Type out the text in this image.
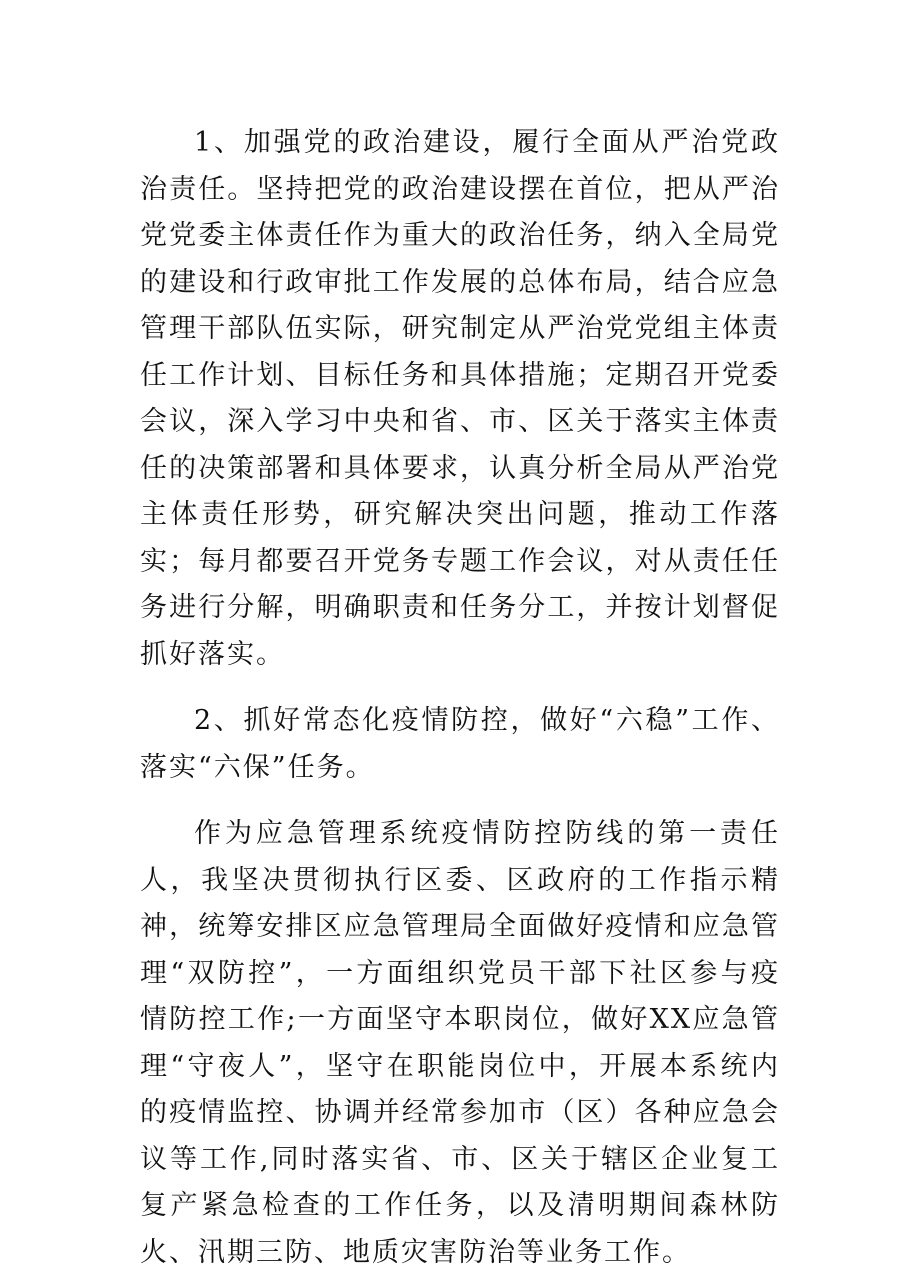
1、加强党的政治建设，履行全面从严治党政治责任。坚持把党的政治建设摆在首位，把从严治党党委主体责任作为重大的政治任务，纳入全局党的建设和行政审批工作发展的总体布局，结合应急管理干部队伍实际，研究制定从严治党党组主体责任工作计划、目标任务和具体措施；定期召开党委会议，深入学习中央和省、市、区关于落实主体责任的决策部署和具体要求，认真分析全局从严治党主体责任形势，研究解决突出问题，推动工作落实；每月都要召开党务专题工作会议，对从责任任务进行分解，明确职责和任务分工，并按计划督促抓好落实。

2、抓好常态化疫情防控，做好“六稳”工作、落实“六保”任务。

作为应急管理系统疫情防控防线的第一责任人，我坚决贯彻执行区委、区政府的工作指示精神，统筹安排区应急管理局全面做好疫情和应急管理“双防控”，一方面组织党员干部下社区参与疫情防控工作;一方面坚守本职岗位，做好XX应急管理“守夜人”，坚守在职能岗位中，开展本系统内的疫情监控、协调并经常参加市（区）各种应急会议等工作,同时落实省、市、区关于辖区企业复工复产紧急检查的工作任务，以及清明期间森林防火、汛期三防、地质灾害防治等业务工作。
